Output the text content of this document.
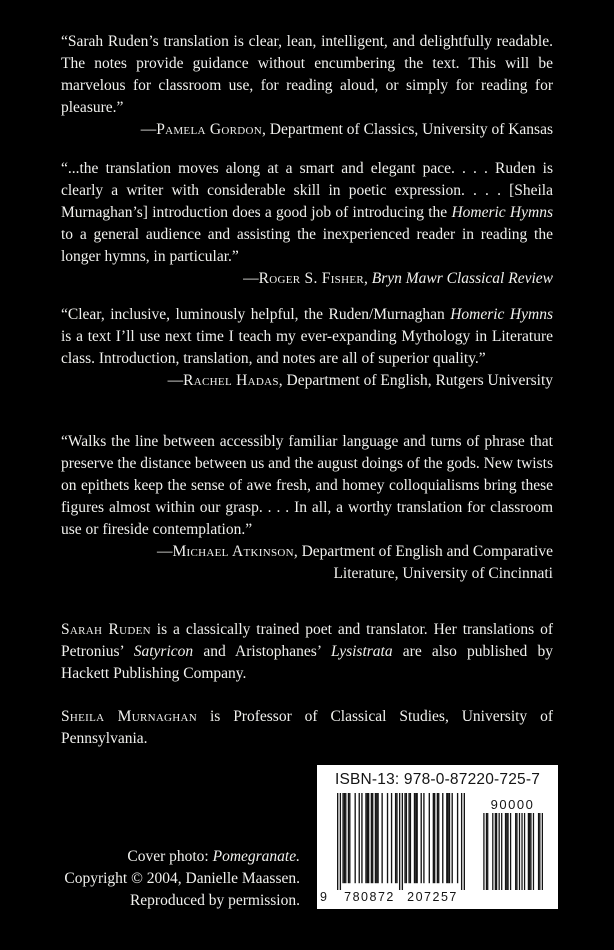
“Sarah Ruden’s translation is clear, lean, intelligent, and delightfully readable. The notes provide guidance without encumbering the text. This will be marvelous for classroom use, for reading aloud, or simply for reading for pleasure.”

—Pamela Gordon, Department of Classics, University of Kansas

“...the translation moves along at a smart and elegant pace. . . . Ruden is clearly a writer with considerable skill in poetic expression. . . . [Sheila Murnaghan’s] introduction does a good job of introducing the Homeric Hymns to a general audience and assisting the inexperienced reader in reading the longer hymns, in particular.”

—Roger S. Fisher, Bryn Mawr Classical Review

“Clear, inclusive, luminously helpful, the Ruden/Murnaghan Homeric Hymns is a text I’ll use next time I teach my ever-expanding Mythology in Literature class. Introduction, translation, and notes are all of superior quality.”

—Rachel Hadas, Department of English, Rutgers University

“Walks the line between accessibly familiar language and turns of phrase that preserve the distance between us and the august doings of the gods. New twists on epithets keep the sense of awe fresh, and homey colloquialisms bring these figures almost within our grasp. . . . In all, a worthy translation for classroom use or fireside contemplation.”

—Michael Atkinson, Department of English and Comparative
Literature, University of Cincinnati

Sarah Ruden is a classically trained poet and translator. Her translations of Petronius’ Satyricon and Aristophanes’ Lysistrata are also published by Hackett Publishing Company.

Sheila Murnaghan is Professor of Classical Studies, University of Pennsylvania.

Cover photo: Pomegranate.
Copyright © 2004, Danielle Maassen.
Reproduced by permission.
ISBN-13: 978-0-87220-725-7
9	780872 207257
90000
